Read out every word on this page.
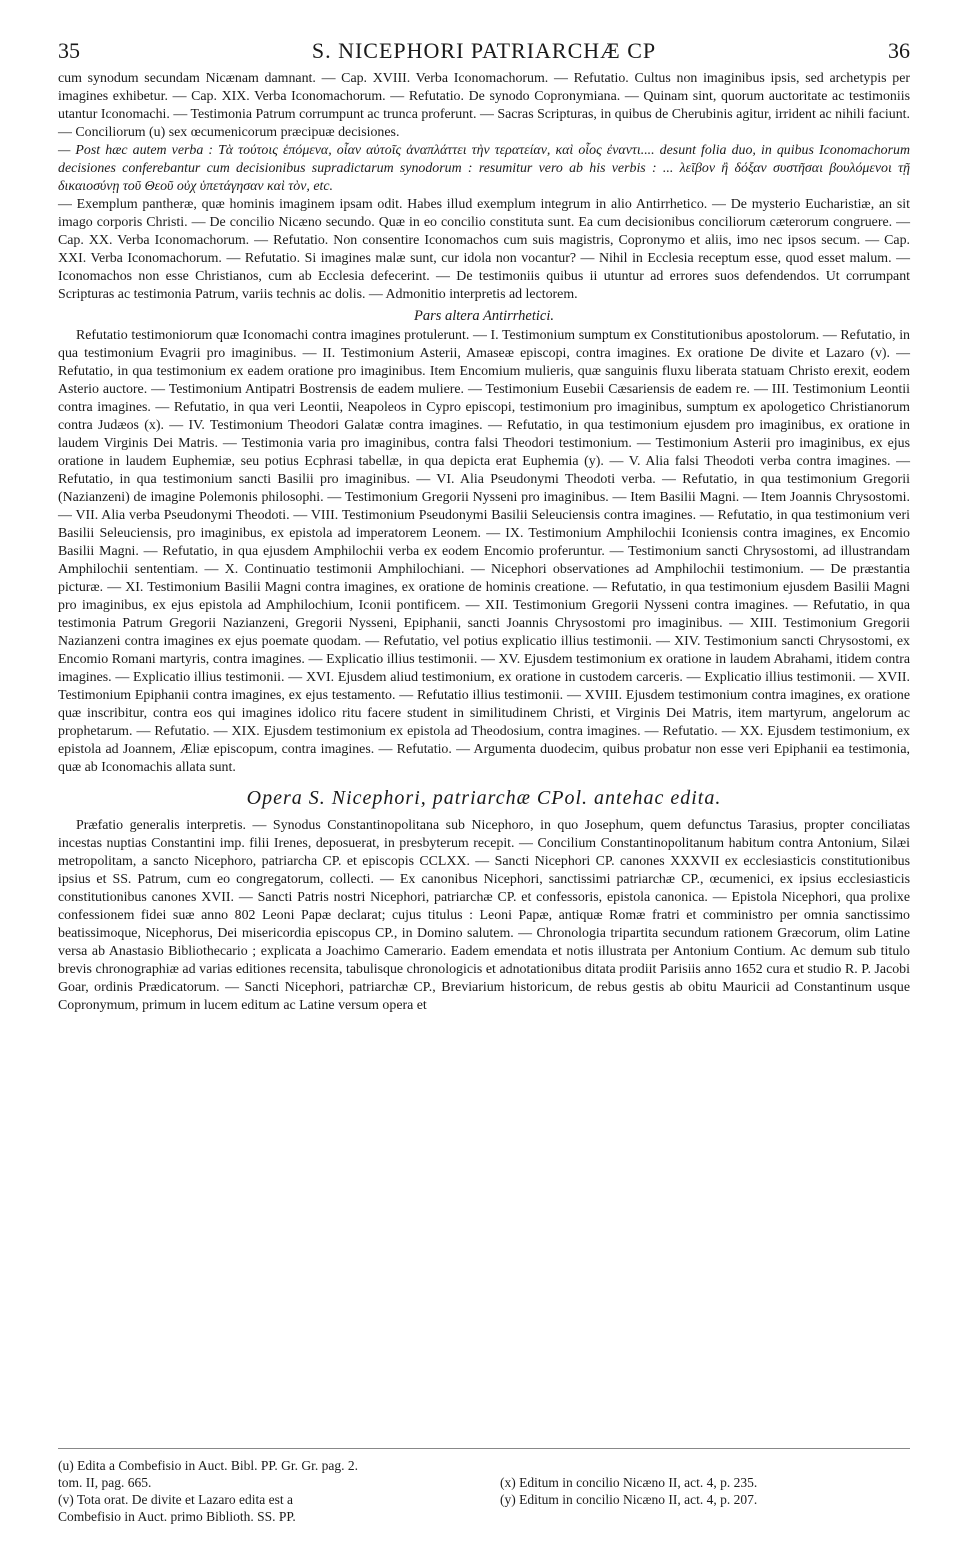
35	S. NICEPHORI PATRIARCHÆ CP	36

cum synodum secundam Nicænam damnant. — Cap. XVIII. Verba Iconomachorum. — Refutatio. Cultus non imaginibus ipsis, sed archetypis per imagines exhibetur. — Cap. XIX. Verba Iconomachorum. — Refutatio. De synodo Copronymiana. — Quinam sint, quorum auctoritate ac testimoniis utantur Iconomachi. — Testimonia Patrum corrumpunt ac trunca proferunt. — Sacras Scripturas, in quibus de Cherubinis agitur, irrident ac nihili faciunt. — Conciliorum (u) sex œcumenicorum præcipuæ decisiones.

— Post hæc autem verba : Τὰ τούτοις ἑπόμενα, οἷαν αὐτοῖς ἀναπλάττει τὴν τερατείαν, καὶ οἷος ἐναντι.... desunt folia duo, in quibus Iconomachorum decisiones conferebantur cum decisionibus supradictarum synodorum : resumitur vero ab his verbis : ... λεῖβον ἢ δόξαν συστῆσαι βουλόμενοι τῇ δικαιοσύνῃ τοῦ Θεοῦ οὐχ ὑπετάγησαν καὶ τὸν, etc.

— Exemplum pantheræ, quæ hominis imaginem ipsam odit. Habes illud exemplum integrum in alio Antirrhetico. — De mysterio Eucharistiæ, an sit imago corporis Christi. — De concilio Nicæno secundo. Quæ in eo concilio constituta sunt. Ea cum decisionibus conciliorum cæterorum congruere. — Cap. XX. Verba Iconomachorum. — Refutatio. Non consentire Iconomachos cum suis magistris, Copronymo et aliis, imo nec ipsos secum. — Cap. XXI. Verba Iconomachorum. — Refutatio. Si imagines malæ sunt, cur idola non vocantur? — Nihil in Ecclesia receptum esse, quod esset malum. — Iconomachos non esse Christianos, cum ab Ecclesia defecerint. — De testimoniis quibus ii utuntur ad errores suos defendendos. Ut corrumpant Scripturas ac testimonia Patrum, variis technis ac dolis. — Admonitio interpretis ad lectorem.

Pars altera Antirrhetici.

Refutatio testimoniorum quæ Iconomachi contra imagines protulerunt. — I. Testimonium sumptum ex Constitutionibus apostolorum. — Refutatio, in qua testimonium Evagrii pro imaginibus. — II. Testimonium Asterii, Amaseæ episcopi, contra imagines. Ex oratione De divite et Lazaro (v). — Refutatio, in qua testimonium ex eadem oratione pro imaginibus. Item Encomium mulieris, quæ sanguinis fluxu liberata statuam Christo erexit, eodem Asterio auctore. — Testimonium Antipatri Bostrensis de eadem muliere. — Testimonium Eusebii Cæsariensis de eadem re. — III. Testimonium Leontii contra imagines. — Refutatio, in qua veri Leontii, Neapoleos in Cypro episcopi, testimonium pro imaginibus, sumptum ex apologetico Christianorum contra Judæos (x). — IV. Testimonium Theodori Galatæ contra imagines. — Refutatio, in qua testimonium ejusdem pro imaginibus, ex oratione in laudem Virginis Dei Matris. — Testimonia varia pro imaginibus, contra falsi Theodori testimonium. — Testimonium Asterii pro imaginibus, ex ejus oratione in laudem Euphemiæ, seu potius Ecphrasi tabellæ, in qua depicta erat Euphemia (y). — V. Alia falsi Theodoti verba contra imagines. — Refutatio, in qua testimonium sancti Basilii pro imaginibus. — VI. Alia Pseudonymi Theodoti verba. — Refutatio, in qua testimonium Gregorii (Nazianzeni) de imagine Polemonis philosophi. — Testimonium Gregorii Nysseni pro imaginibus. — Item Basilii Magni. — Item Joannis Chrysostomi. — VII. Alia verba Pseudonymi Theodoti. — VIII. Testimonium Pseudonymi Basilii Seleuciensis contra imagines. — Refutatio, in qua testimonium veri Basilii Seleuciensis, pro imaginibus, ex epistola ad imperatorem Leonem. — IX. Testimonium Amphilochii Iconiensis contra imagines, ex Encomio Basilii Magni. — Refutatio, in qua ejusdem Amphilochii verba ex eodem Encomio proferuntur. — Testimonium sancti Chrysostomi, ad illustrandam Amphilochii sententiam. — X. Continuatio testimonii Amphilochiani. — Nicephori observationes ad Amphilochii testimonium. — De præstantia picturæ. — XI. Testimonium Basilii Magni contra imagines, ex oratione de hominis creatione. — Refutatio, in qua testimonium ejusdem Basilii Magni pro imaginibus, ex ejus epistola ad Amphilochium, Iconii pontificem. — XII. Testimonium Gregorii Nysseni contra imagines. — Refutatio, in qua testimonia Patrum Gregorii Nazianzeni, Gregorii Nysseni, Epiphanii, sancti Joannis Chrysostomi pro imaginibus. — XIII. Testimonium Gregorii Nazianzeni contra imagines ex ejus poemate quodam. — Refutatio, vel potius explicatio illius testimonii. — XIV. Testimonium sancti Chrysostomi, ex Encomio Romani martyris, contra imagines. — Explicatio illius testimonii. — XV. Ejusdem testimonium ex oratione in laudem Abrahami, itidem contra imagines. — Explicatio illius testimonii. — XVI. Ejusdem aliud testimonium, ex oratione in custodem carceris. — Explicatio illius testimonii. — XVII. Testimonium Epiphanii contra imagines, ex ejus testamento. — Refutatio illius testimonii. — XVIII. Ejusdem testimonium contra imagines, ex oratione quæ inscribitur, contra eos qui imagines idolico ritu facere student in similitudinem Christi, et Virginis Dei Matris, item martyrum, angelorum ac prophetarum. — Refutatio. — XIX. Ejusdem testimonium ex epistola ad Theodosium, contra imagines. — Refutatio. — XX. Ejusdem testimonium, ex epistola ad Joannem, Æliæ episcopum, contra imagines. — Refutatio. — Argumenta duodecim, quibus probatur non esse veri Epiphanii ea testimonia, quæ ab Iconomachis allata sunt.

Opera S. Nicephori, patriarchæ CPol. antehac edita.

Præfatio generalis interpretis. — Synodus Constantinopolitana sub Nicephoro, in quo Josephum, quem defunctus Tarasius, propter conciliatas incestas nuptias Constantini imp. filii Irenes, deposuerat, in presbyterum recepit. — Concilium Constantinopolitanum habitum contra Antonium, Silæi metropolitam, a sancto Nicephoro, patriarcha CP. et episcopis CCLXX. — Sancti Nicephori CP. canones XXXVII ex ecclesiasticis constitutionibus ipsius et SS. Patrum, cum eo congregatorum, collecti. — Ex canonibus Nicephori, sanctissimi patriarchæ CP., œcumenici, ex ipsius ecclesiasticis constitutionibus canones XVII. — Sancti Patris nostri Nicephori, patriarchæ CP. et confessoris, epistola canonica. — Epistola Nicephori, qua prolixe confessionem fidei suæ anno 802 Leoni Papæ declarat; cujus titulus : Leoni Papæ, antiquæ Romæ fratri et comministro per omnia sanctissimo beatissimoque, Nicephorus, Dei misericordia episcopus CP., in Domino salutem. — Chronologia tripartita secundum rationem Græcorum, olim Latine versa ab Anastasio Bibliothecario ; explicata a Joachimo Camerario. Eadem emendata et notis illustrata per Antonium Contium. Ac demum sub titulo brevis chronographiæ ad varias editiones recensita, tabulisque chronologicis et adnotationibus ditata prodiit Parisiis anno 1652 cura et studio R. P. Jacobi Goar, ordinis Prædicatorum. — Sancti Nicephori, patriarchæ CP., Breviarium historicum, de rebus gestis ab obitu Mauricii ad Constantinum usque Copronymum, primum in lucem editum ac Latine versum opera et

(u) Edita a Combefisio in Auct. Bibl. PP. Gr. Gr. pag. 2.
tom. II, pag. 665.
(v) Tota orat. De divite et Lazaro edita est a
Combefisio in Auct. primo Biblioth. SS. PP.

(x) Editum in concilio Nicæno II, act. 4, p. 235.
(y) Editum in concilio Nicæno II, act. 4, p. 207.
